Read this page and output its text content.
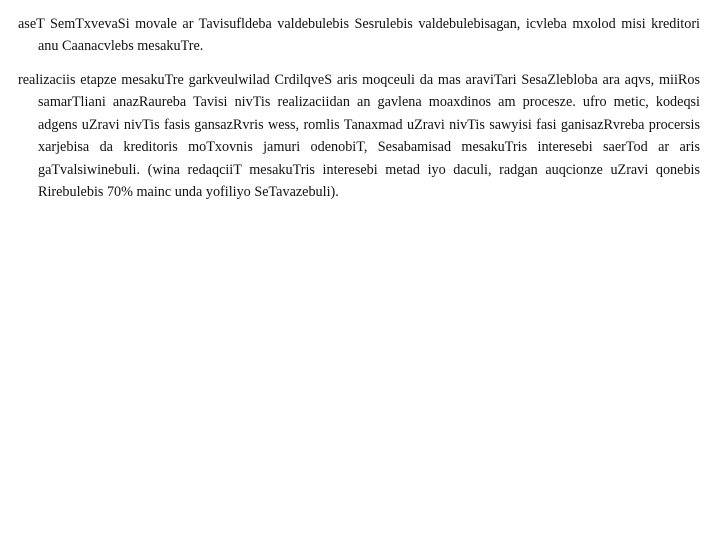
aseT SemTxvevaSi movale ar Tavisufldeba valdebulebis Sesrulebis valdebulebisagan, icvleba mxolod misi kreditori anu Caanacvlebs mesakuTre.

realizaciis etapze mesakuTre garkveulwilad CrdilqveS aris moqceuli da mas araviTari SesaZlebloba ara aqvs, miiRos samarTliani anazRaureba Tavisi nivTis realizaciidan an gavlena moaxdinos am procesze. ufro metic, kodeqsi adgens uZravi nivTis fasis gansazRvris wess, romlis Tanaxmad uZravi nivTis sawyisi fasi ganisazRvreba procersis xarjebisa da kreditoris moTxovnis jamuri odenobiT, Sesabamisad mesakuTris interesebi saerTod ar aris gaTvalsiwinebuli. (wina redaqciiT mesakuTris interesebi metad iyo daculi, radgan auqcionze uZravi qonebis Rirebulebis 70% mainc unda yofiliyo SeTavazebuli).
